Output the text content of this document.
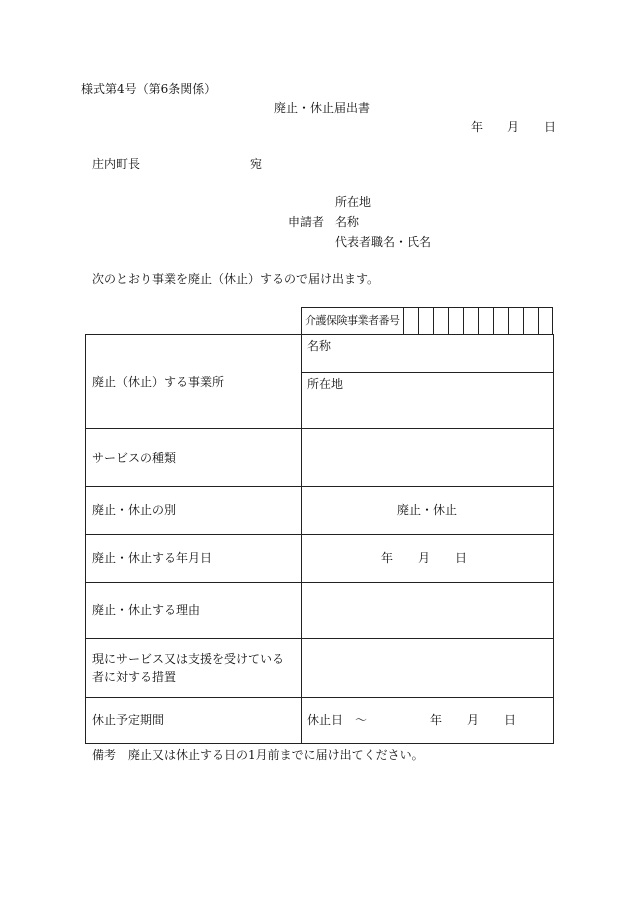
様式第4号（第6条関係）
廃止・休止届出書
年 月 日
庄内町長	宛
所在地
申請者 名称
代表者職名・氏名
次のとおり事業を廃止（休止）するので届け出ます。
介護保険事業者番号
廃止（休止）する事業所
名称
所在地
サービスの種類
廃止・休止の別	廃止・休止
廃止・休止する年月日	年 月 日
廃止・休止する理由
現にサービス又は支援を受けている
者に対する措置
休止予定期間	休止日　～	年 月 日
備考　廃止又は休止する日の1月前までに届け出てください。
